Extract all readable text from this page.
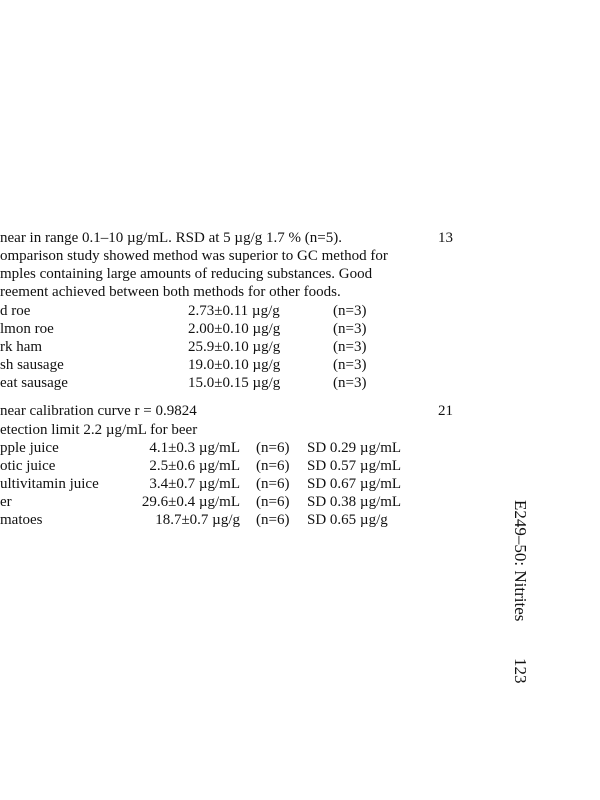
near in range 0.1–10 µg/mL. RSD at 5 µg/g 1.7 % (n=5).	13
omparison study showed method was superior to GC method for
mples containing large amounts of reducing substances. Good
reement achieved between both methods for other foods.
d roe	2.73±0.11 µg/g	(n=3)
lmon roe	2.00±0.10 µg/g	(n=3)
rk ham	25.9±0.10 µg/g	(n=3)
sh sausage	19.0±0.10 µg/g	(n=3)
eat sausage	15.0±0.15 µg/g	(n=3)
near calibration curve r = 0.9824	21
etection limit 2.2 µg/mL for beer
pple juice	4.1±0.3 µg/mL (n=6) SD 0.29 µg/mL
otic juice	2.5±0.6 µg/mL (n=6) SD 0.57 µg/mL
ultivitamin juice	3.4±0.7 µg/mL (n=6) SD 0.67 µg/mL
er	29.6±0.4 µg/mL (n=6) SD 0.38 µg/mL
matoes	18.7±0.7 µg/g (n=6) SD 0.65 µg/g	E249–50: Nitrites
123
